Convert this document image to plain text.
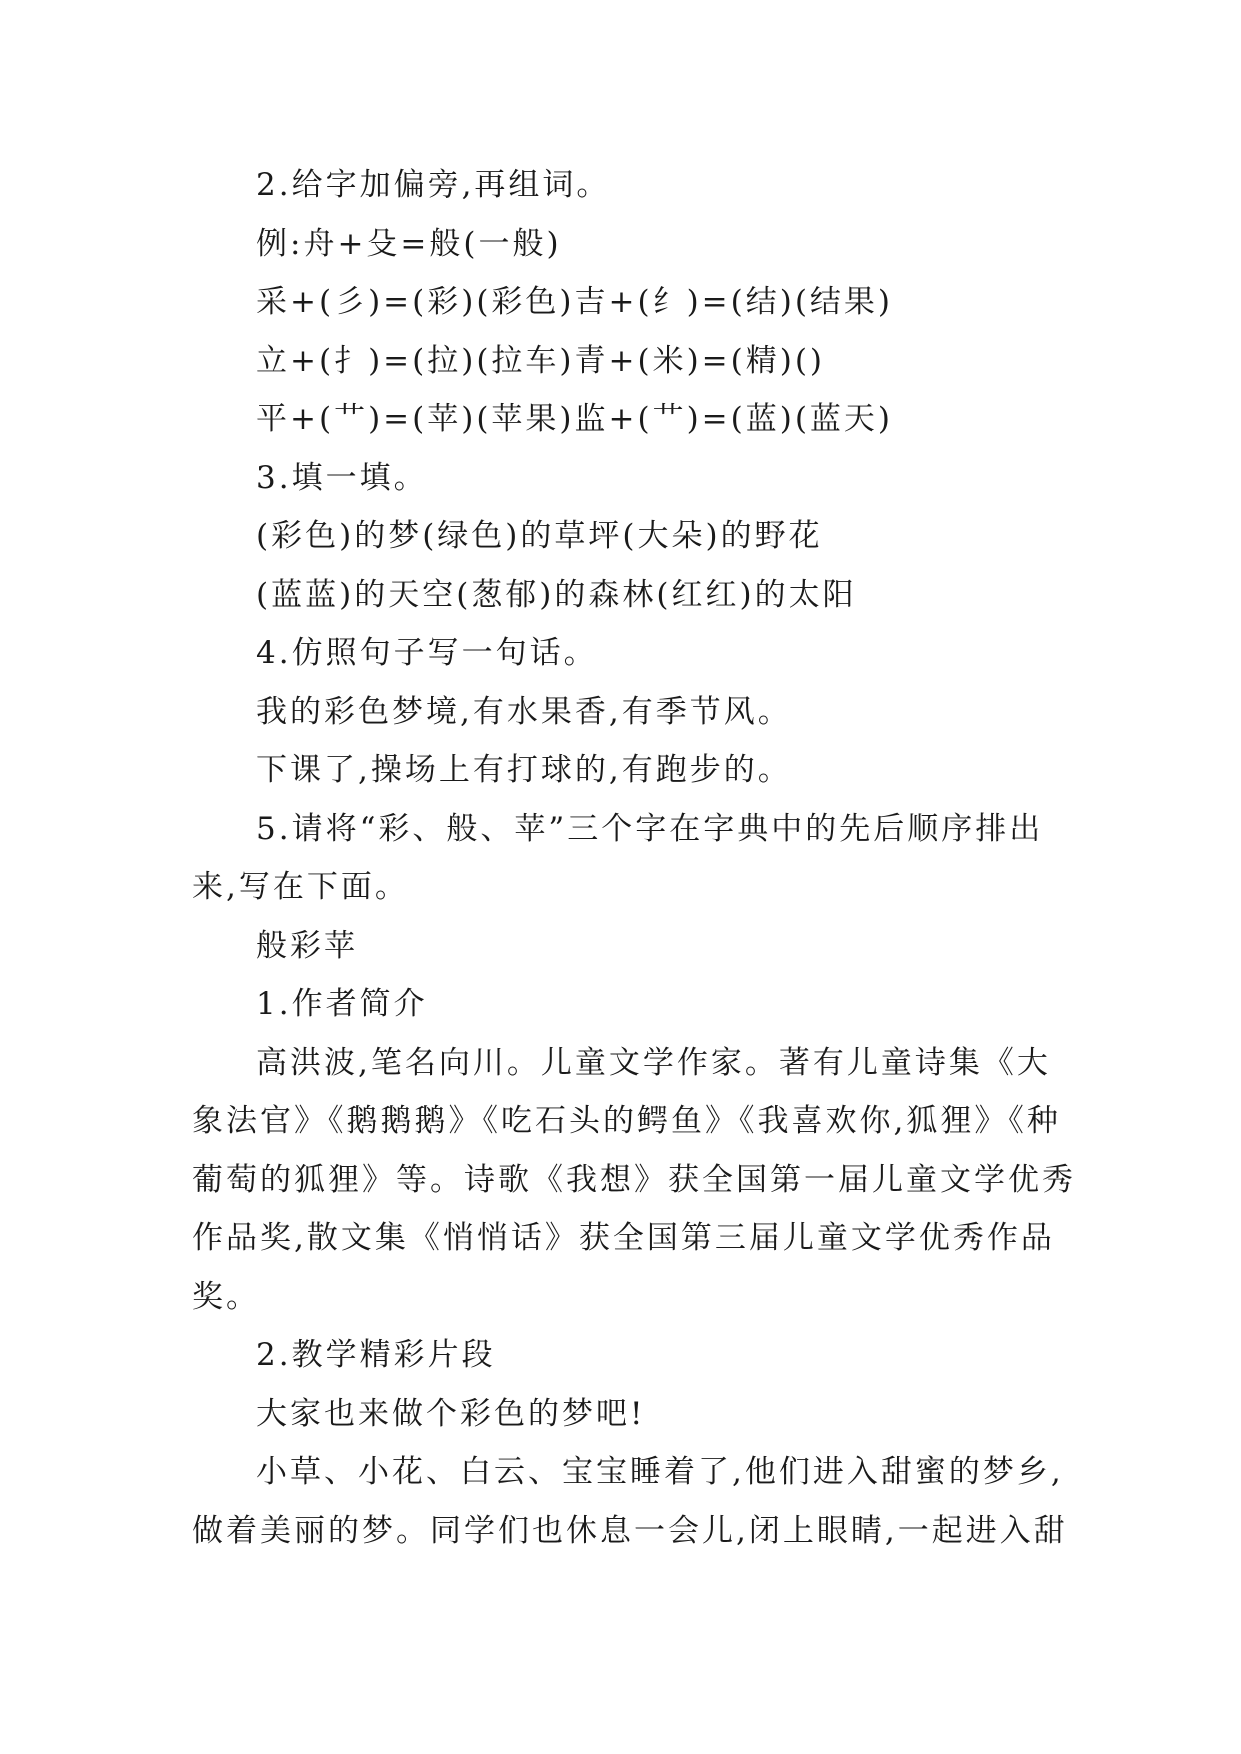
2.给字加偏旁,再组词。
例:舟+殳=般(一般)
采+(彡)=(彩)(彩色)吉+(纟)=(结)(结果)
立+(扌)=(拉)(拉车)青+(米)=(精)()
平+(艹)=(苹)(苹果)监+(艹)=(蓝)(蓝天)
3.填一填。
(彩色)的梦(绿色)的草坪(大朵)的野花
(蓝蓝)的天空(葱郁)的森林(红红)的太阳
4.仿照句子写一句话。
我的彩色梦境,有水果香,有季节风。
下课了,操场上有打球的,有跑步的。
5.请将“彩、般、苹”三个字在字典中的先后顺序排出
来,写在下面。
般彩苹
1.作者简介
高洪波,笔名向川。儿童文学作家。著有儿童诗集《大
象法官》《鹅鹅鹅》《吃石头的鳄鱼》《我喜欢你,狐狸》《种
葡萄的狐狸》等。诗歌《我想》获全国第一届儿童文学优秀
作品奖,散文集《悄悄话》获全国第三届儿童文学优秀作品
奖。
2.教学精彩片段
大家也来做个彩色的梦吧!
小草、小花、白云、宝宝睡着了,他们进入甜蜜的梦乡,
做着美丽的梦。同学们也休息一会儿,闭上眼睛,一起进入甜
